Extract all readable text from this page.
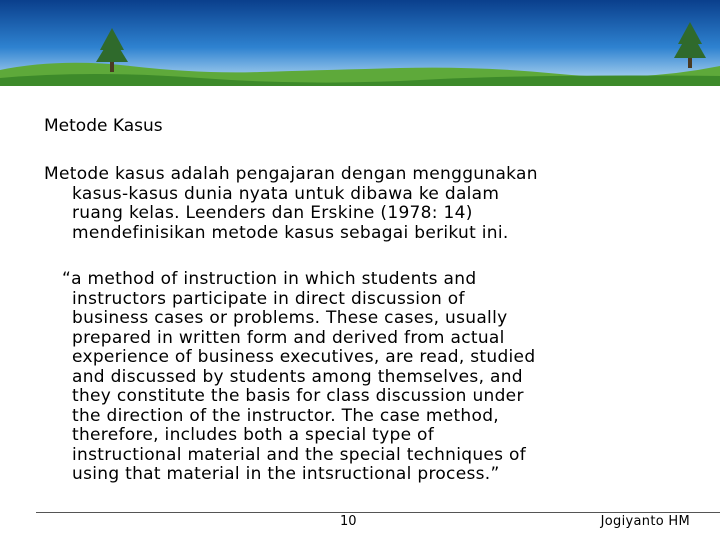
Metode Kasus

Metode kasus adalah pengajaran dengan menggunakan
kasus-kasus dunia nyata untuk dibawa ke dalam
ruang kelas. Leenders dan Erskine (1978: 14)
mendefinisikan metode kasus sebagai berikut ini.

“a method of instruction in which students and
instructors participate in direct discussion of
business cases or problems. These cases, usually
prepared in written form and derived from actual
experience of business executives, are read, studied
and discussed by students among themselves, and
they constitute the basis for class discussion under
the direction of the instructor. The case method,
therefore, includes both a special type of
instructional material and the special techniques of
using that material in the intsructional process.”

10	Jogiyanto HM
